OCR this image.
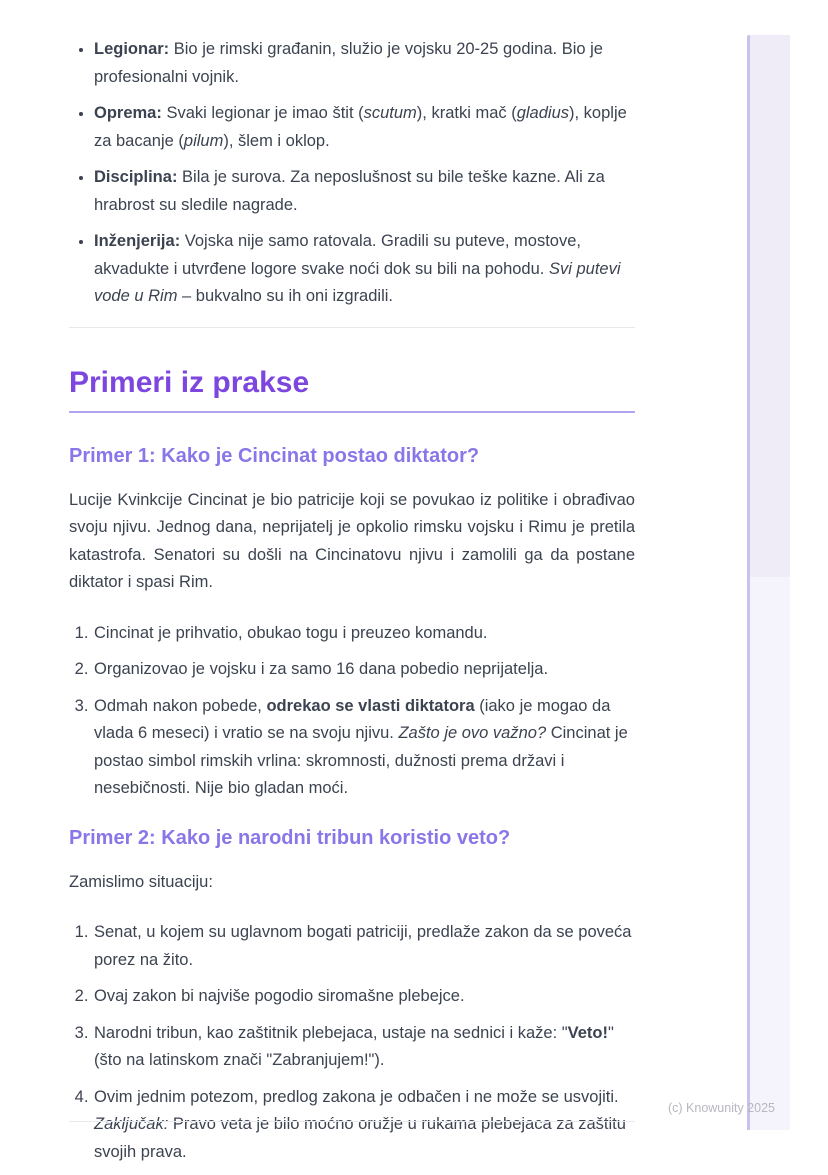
• Legionar: Bio je rimski građanin, služio je vojsku 20-25 godina. Bio je profesionalni vojnik.
• Oprema: Svaki legionar je imao štit (scutum), kratki mač (gladius), koplje za bacanje (pilum), šlem i oklop.
• Disciplina: Bila je surova. Za neposlušnost su bile teške kazne. Ali za hrabrost su sledile nagrade.
• Inženjerija: Vojska nije samo ratovala. Gradili su puteve, mostove, akvadukte i utvrđene logore svake noći dok su bili na pohodu. Svi putevi vode u Rim – bukvalno su ih oni izgradili.
Primeri iz prakse
Primer 1: Kako je Cincinat postao diktator?

Lucije Kvinkcije Cincinat je bio patricije koji se povukao iz politike i obrađivao svoju njivu. Jednog dana, neprijatelj je opkolio rimsku vojsku i Rimu je pretila katastrofa. Senatori su došli na Cincinatovu njivu i zamolili ga da postane diktator i spasi Rim.

1. Cincinat je prihvatio, obukao togu i preuzeo komandu.
2. Organizovao je vojsku i za samo 16 dana pobedio neprijatelja.
3. Odmah nakon pobede, odrekao se vlasti diktatora (iako je mogao da vlada 6 meseci) i vratio se na svoju njivu. Zašto je ovo važno? Cincinat je postao simbol rimskih vrlina: skromnosti, dužnosti prema državi i nesebičnosti. Nije bio gladan moći.
Primer 2: Kako je narodni tribun koristio veto?

Zamislimo situaciju:

1. Senat, u kojem su uglavnom bogati patriciji, predlaže zakon da se poveća porez na žito.
2. Ovaj zakon bi najviše pogodio siromašne plebejce.
3. Narodni tribun, kao zaštitnik plebejaca, ustaje na sednici i kaže: "Veto!" (što na latinskom znači "Zabranjujem!").
4. Ovim jednim potezom, predlog zakona je odbačen i ne može se usvojiti. Zaključak: Pravo veta je bilo moćno oružje u rukama plebejaca za zaštitu svojih prava.
(c) Knowunity 2025
